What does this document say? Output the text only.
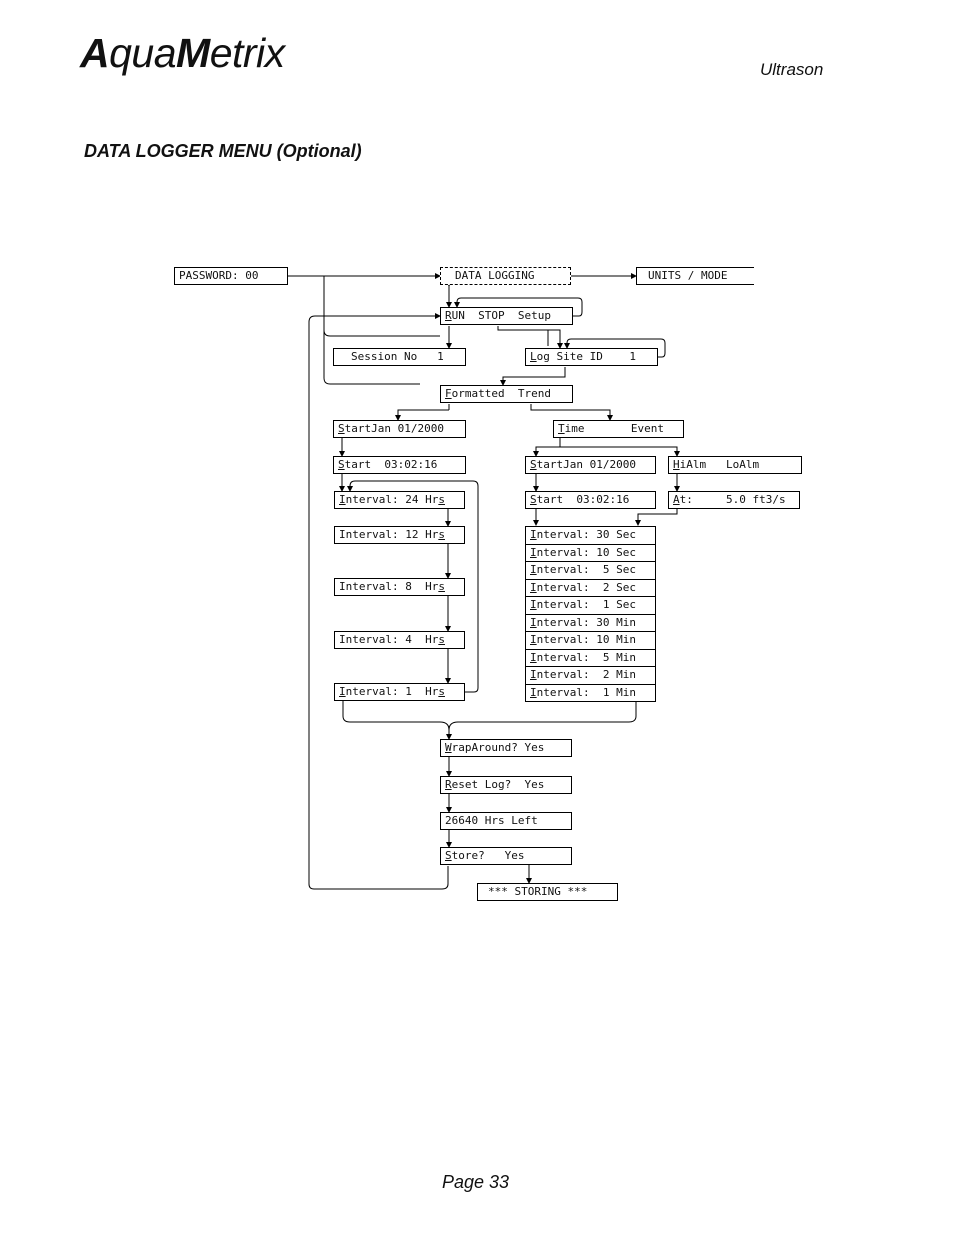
AquaMetrix	Ultrason
DATA LOGGER MENU (Optional)
PASSWORD: 00	DATA LOGGING	UNITS / MODE
RUN  STOP  Setup
Session No   1	Log Site ID    1
Formatted  Trend
StartJan 01/2000
Start  03:02:16
Interval: 24 Hrs
Interval: 12 Hrs
Interval: 8  Hrs
Interval: 4  Hrs
Interval: 1  Hrs
Time       Event
StartJan 01/2000	HiAlm   LoAlm
Start  03:02:16	At:     5.0 ft3/s
Interval: 30 Sec
Interval: 10 Sec
Interval:  5 Sec
Interval:  2 Sec
Interval:  1 Sec
Interval: 30 Min
Interval: 10 Min
Interval:  5 Min
Interval:  2 Min
Interval:  1 Min
WrapAround? Yes
Reset Log?  Yes
26640 Hrs Left
Store?   Yes
*** STORING ***
Page 33
